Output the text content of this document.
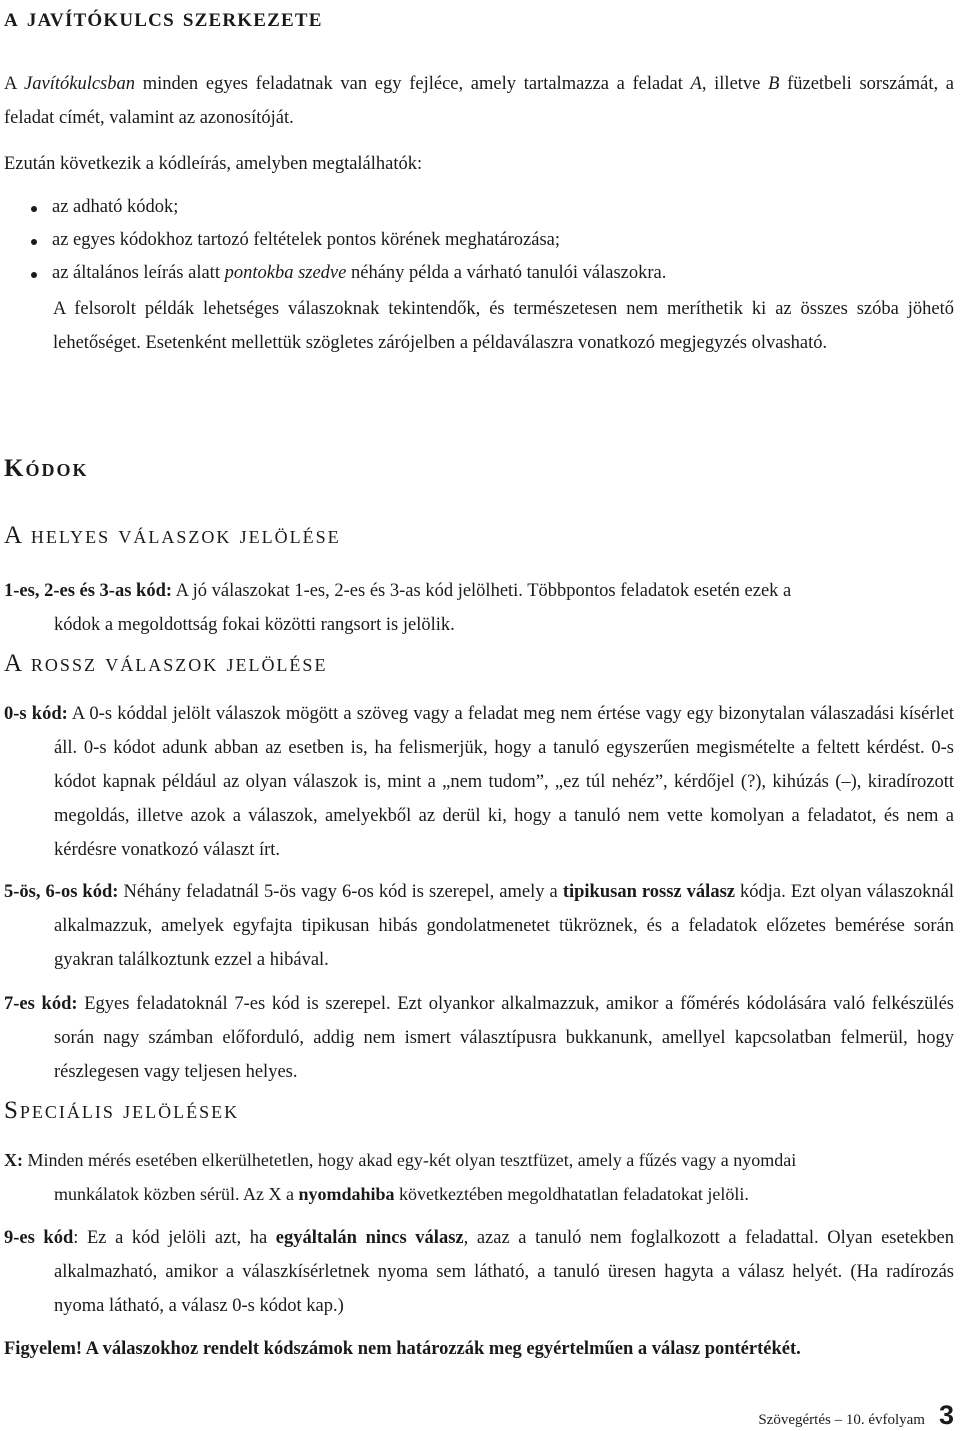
a javítókulcs szerkezete

A Javítókulcsban minden egyes feladatnak van egy fejléce, amely tartalmazza a feladat A, illetve B füzetbeli sorszámát, a feladat címét, valamint az azonosítóját.

Ezután következik a kódleírás, amelyben megtalálhatók:

az adható kódok;
az egyes kódokhoz tartozó feltételek pontos körének meghatározása;
az általános leírás alatt pontokba szedve néhány példa a várható tanulói válaszokra.

A felsorolt példák lehetséges válaszoknak tekintendők, és természetesen nem meríthetik ki az összes szóba jöhető lehetőséget. Esetenként mellettük szögletes zárójelben a példaválaszra vonatkozó megjegyzés olvasható.

Kódok
A helyes válaszok jelölése
1-es, 2-es és 3-as kód: A jó válaszokat 1-es, 2-es és 3-as kód jelölheti. Többpontos feladatok esetén ezek a
kódok a megoldottság fokai közötti rangsort is jelölik.
A rossz válaszok jelölése

0-s kód: A 0-s kóddal jelölt válaszok mögött a szöveg vagy a feladat meg nem értése vagy egy bizonytalan válaszadási kísérlet áll. 0-s kódot adunk abban az esetben is, ha felismerjük, hogy a tanuló egyszerűen megismételte a feltett kérdést. 0-s kódot kapnak például az olyan válaszok is, mint a „nem tudom”, „ez túl nehéz”, kérdőjel (?), kihúzás (–), kiradírozott megoldás, illetve azok a válaszok, amelyekből az derül ki, hogy a tanuló nem vette komolyan a feladatot, és nem a kérdésre vonatkozó választ írt.

5-ös, 6-os kód: Néhány feladatnál 5-ös vagy 6-os kód is szerepel, amely a tipikusan rossz válasz kódja. Ezt olyan válaszoknál alkalmazzuk, amelyek egyfajta tipikusan hibás gondolatmenetet tükröznek, és a feladatok előzetes bemérése során gyakran találkoztunk ezzel a hibával.

7-es kód: Egyes feladatoknál 7-es kód is szerepel. Ezt olyankor alkalmazzuk, amikor a főmérés kódolására való felkészülés során nagy számban előforduló, addig nem ismert választípusra bukkanunk, amellyel kapcsolatban felmerül, hogy részlegesen vagy teljesen helyes.

Speciális jelölések
X: Minden mérés esetében elkerülhetetlen, hogy akad egy-két olyan tesztfüzet, amely a fűzés vagy a nyomdai
munkálatok közben sérül. Az X a nyomdahiba következtében megoldhatatlan feladatokat jelöli.

9-es kód: Ez a kód jelöli azt, ha egyáltalán nincs válasz, azaz a tanuló nem foglalkozott a feladattal. Olyan esetekben alkalmazható, amikor a válaszkísérletnek nyoma sem látható, a tanuló üresen hagyta a válasz helyét. (Ha radírozás nyoma látható, a válasz 0-s kódot kap.)

Figyelem! A válaszokhoz rendelt kódszámok nem határozzák meg egyértelműen a válasz pontértékét.

Szövegértés – 10. évfolyam 3
